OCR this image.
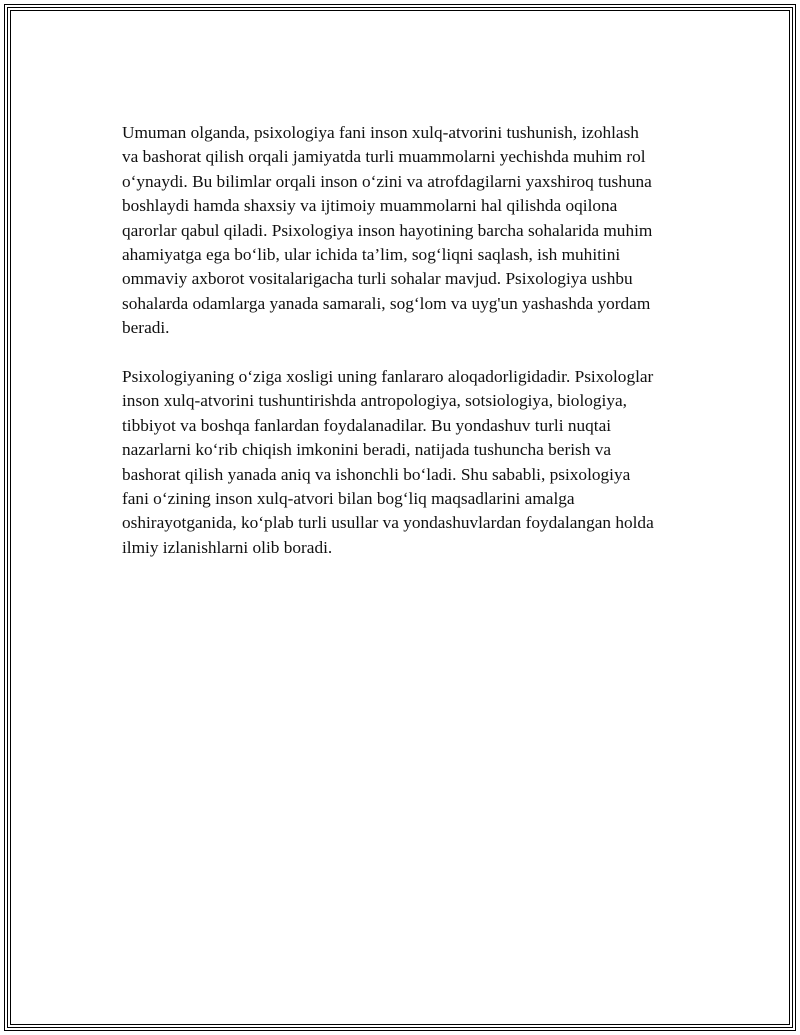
Umuman olganda, psixologiya fani inson xulq-atvorini tushunish, izohlash
va bashorat qilish orqali jamiyatda turli muammolarni yechishda muhim rol
o‘ynaydi. Bu bilimlar orqali inson o‘zini va atrofdagilarni yaxshiroq tushuna
boshlaydi hamda shaxsiy va ijtimoiy muammolarni hal qilishda oqilona
qarorlar qabul qiladi. Psixologiya inson hayotining barcha sohalarida muhim
ahamiyatga ega bo‘lib, ular ichida ta’lim, sog‘liqni saqlash, ish muhitini
ommaviy axborot vositalarigacha turli sohalar mavjud. Psixologiya ushbu
sohalarda odamlarga yanada samarali, sog‘lom va uyg'un yashashda yordam
beradi.

Psixologiyaning o‘ziga xosligi uning fanlararo aloqadorligidadir. Psixologlar
inson xulq-atvorini tushuntirishda antropologiya, sotsiologiya, biologiya,
tibbiyot va boshqa fanlardan foydalanadilar. Bu yondashuv turli nuqtai
nazarlarni ko‘rib chiqish imkonini beradi, natijada tushuncha berish va
bashorat qilish yanada aniq va ishonchli bo‘ladi. Shu sababli, psixologiya
fani o‘zining inson xulq-atvori bilan bog‘liq maqsadlarini amalga
oshirayotganida, ko‘plab turli usullar va yondashuvlardan foydalangan holda
ilmiy izlanishlarni olib boradi.
